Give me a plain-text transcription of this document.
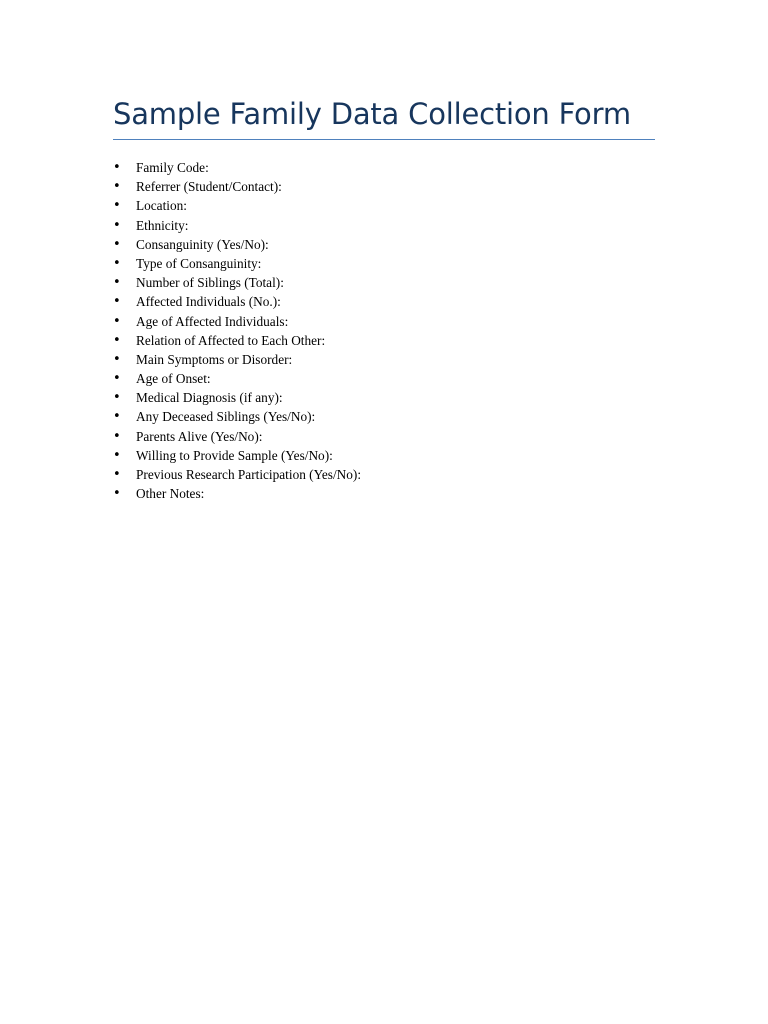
Sample Family Data Collection Form
• Family Code:
• Referrer (Student/Contact):
• Location:
• Ethnicity:
• Consanguinity (Yes/No):
• Type of Consanguinity:
• Number of Siblings (Total):
• Affected Individuals (No.):
• Age of Affected Individuals:
• Relation of Affected to Each Other:
• Main Symptoms or Disorder:
• Age of Onset:
• Medical Diagnosis (if any):
• Any Deceased Siblings (Yes/No):
• Parents Alive (Yes/No):
• Willing to Provide Sample (Yes/No):
• Previous Research Participation (Yes/No):
• Other Notes:
